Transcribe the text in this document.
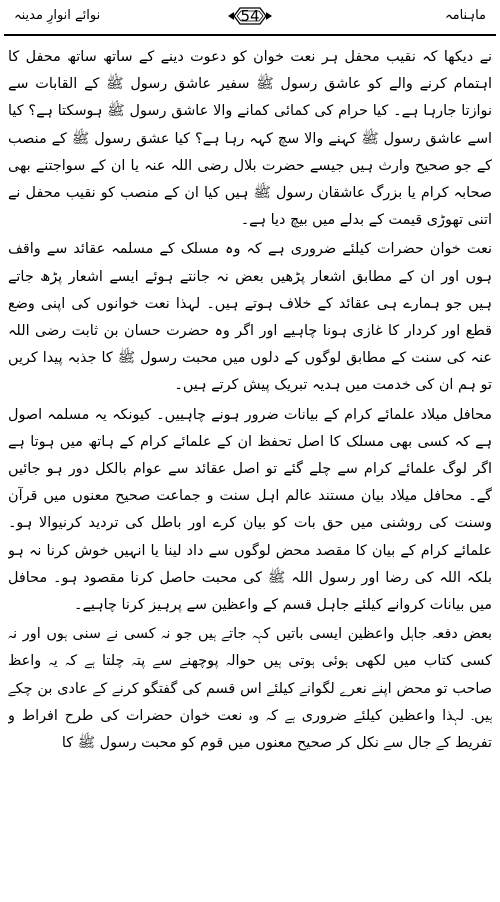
ماہنامہ
54
نوائے انوارِ مدینہ

نے دیکھا کہ نقیب محفل ہر نعت خوان کو دعوت دینے کے ساتھ ساتھ محفل کا اہتمام کرنے والے کو عاشق رسول ﷺ سفیر عاشق رسول ﷺ کے القابات سے نوازتا جارہا ہے۔ کیا حرام کی کمائی کمانے والا عاشق رسول ﷺ ہوسکتا ہے؟ کیا اسے عاشق رسول ﷺ کہنے والا سچ کہہ رہا ہے؟ کیا عشق رسول ﷺ کے منصب کے جو صحیح وارث ہیں جیسے حضرت بلال رضی اللہ عنہ یا ان کے سواجتنے بھی صحابہ کرام یا بزرگ عاشقان رسول ﷺ ہیں کیا ان کے منصب کو نقیب محفل نے اتنی تھوڑی قیمت کے بدلے میں بیچ دیا ہے۔

نعت خوان حضرات کیلئے ضروری ہے کہ وہ مسلک کے مسلمہ عقائد سے واقف ہوں اور ان کے مطابق اشعار پڑھیں بعض نہ جانتے ہوئے ایسے اشعار پڑھ جاتے ہیں جو ہمارے ہی عقائد کے خلاف ہوتے ہیں۔ لہذا نعت خوانوں کی اپنی وضع قطع اور کردار کا غازی ہونا چاہیے اور اگر وہ حضرت حسان بن ثابت رضی اللہ عنہ کی سنت کے مطابق لوگوں کے دلوں میں محبت رسول ﷺ کا جذبہ پیدا کریں تو ہم ان کی خدمت میں ہدیہ تبریک پیش کرتے ہیں۔

محافل میلاد علمائے کرام کے بیانات ضرور ہونے چاہییں۔ کیونکہ یہ مسلمہ اصول ہے کہ کسی بھی مسلک کا اصل تحفظ ان کے علمائے کرام کے ہاتھ میں ہوتا ہے اگر لوگ علمائے کرام سے چلے گئے تو اصل عقائد سے عوام بالکل دور ہو جائیں گے۔ محافل میلاد بیان مستند عالم اہل سنت و جماعت صحیح معنوں میں قرآن وسنت کی روشنی میں حق بات کو بیان کرے اور باطل کی تردید کرنیوالا ہو۔ علمائے کرام کے بیان کا مقصد محض لوگوں سے داد لینا یا انہیں خوش کرنا نہ ہو بلکہ اللہ کی رضا اور رسول اللہ ﷺ کی محبت حاصل کرنا مقصود ہو۔ محافل میں بیانات کروانے کیلئے جاہل قسم کے واعظین سے پرہیز کرنا چاہیے۔

بعض دفعہ جاہل واعظین ایسی باتیں کہہ جاتے ہیں جو نہ کسی نے سنی ہوں اور نہ کسی کتاب میں لکھی ہوئی ہوتی ہیں حوالہ پوچھنے سے پتہ چلتا ہے کہ یہ واعظ صاحب تو محض اپنے نعرے لگوانے کیلئے اس قسم کی گفتگو کرنے کے عادی بن چکے ہیں۔ لہذا واعظین کیلئے ضروری ہے کہ وہ نعت خوان حضرات کی طرح افراط و تفریط کے جال سے نکل کر صحیح معنوں میں قوم کو محبت رسول ﷺ کا
